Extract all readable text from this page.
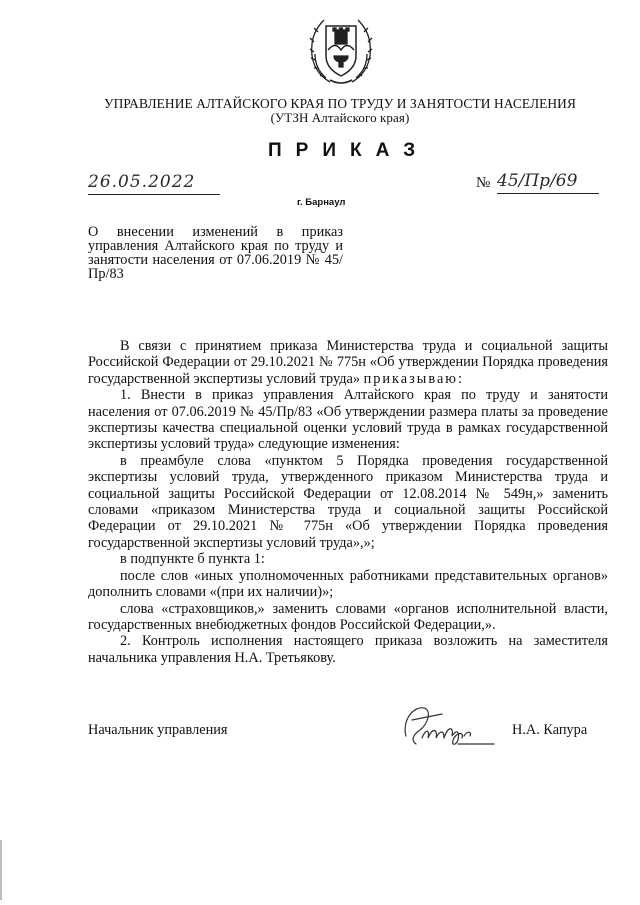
УПРАВЛЕНИЕ АЛТАЙСКОГО КРАЯ ПО ТРУДУ И ЗАНЯТОСТИ НАСЕЛЕНИЯ
(УТЗН Алтайского края)
ПРИКАЗ
26.05.2022
г. Барнаул
№ 45/Пр/69
О внесении изменений в приказ управления Алтайского края по труду и занятости населения от 07.06.2019 № 45/Пр/83

В связи с принятием приказа Министерства труда и социальной защиты Российской Федерации от 29.10.2021 № 775н «Об утверждении Порядка проведения государственной экспертизы условий труда» приказываю:

1. Внести в приказ управления Алтайского края по труду и занятости населения от 07.06.2019 № 45/Пр/83 «Об утверждении размера платы за проведение экспертизы качества специальной оценки условий труда в рамках государственной экспертизы условий труда» следующие изменения:

в преамбуле слова «пунктом 5 Порядка проведения государственной экспертизы условий труда, утвержденного приказом Министерства труда и социальной защиты Российской Федерации от 12.08.2014 № 549н,» заменить словами «приказом Министерства труда и социальной защиты Российской Федерации от 29.10.2021 № 775н «Об утверждении Порядка проведения государственной экспертизы условий труда»,»;

в подпункте б пункта 1:

после слов «иных уполномоченных работниками представительных органов» дополнить словами «(при их наличии)»;

слова «страховщиков,» заменить словами «органов исполнительной власти, государственных внебюджетных фондов Российской Федерации,».

2. Контроль исполнения настоящего приказа возложить на заместителя начальника управления Н.А. Третьякову.

Начальник управления	Н.А. Капура
